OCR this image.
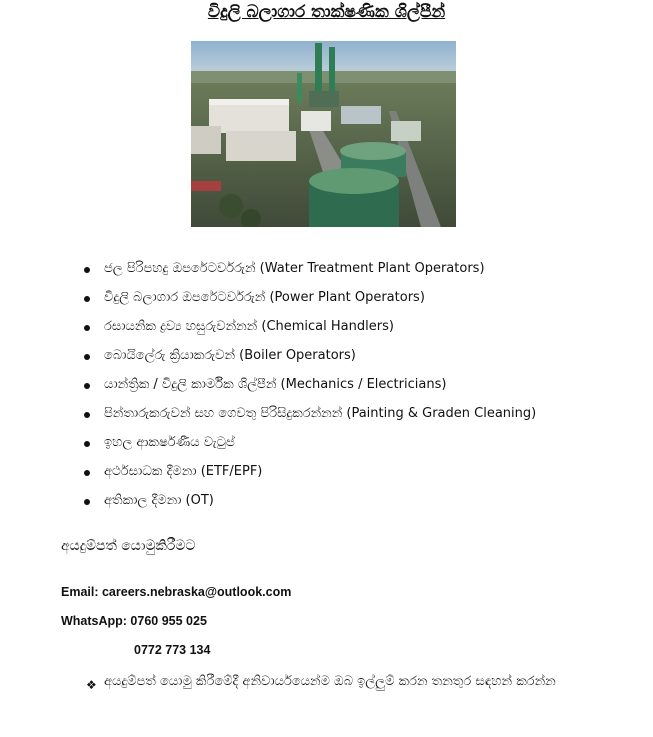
විදුලි බලාගාර තාක්ෂණික ශිල්පීන්
ජල පිරිපහදු ඔපරේටර්වරුන් (Water Treatment Plant Operators)
විදුලි බලාගාර ඔපරේටර්වරුන් (Power Plant Operators)
රසායනික ද්‍රව්‍ය හසුරුවන්නන් (Chemical Handlers)
බොයිලේරු ක්‍රියාකරුවන් (Boiler Operators)
යාන්ත්‍රික / විදුලි කාර්මික ශිල්පීන් (Mechanics / Electricians)
පින්තාරුකරුවන් සහ ගෙවතු පිරිසිදුකරන්නන් (Painting & Graden Cleaning)
ඉහල ආකර්ෂණීය වැටුප්
අර්ථසාධක දීමනා (ETF/EPF)
අතිකාල දීමනා (OT)
අයදුම්පත් යොමුකිරීමට
Email: careers.nebraska@outlook.com
WhatsApp: 0760 955 025
0772 773 134
❖ අයදුම්පත් යොමු කිරීමේදී අනිවාර්යයෙන්ම ඔබ ඉල්ලුම් කරන තනතුර සඳහන් කරන්න
